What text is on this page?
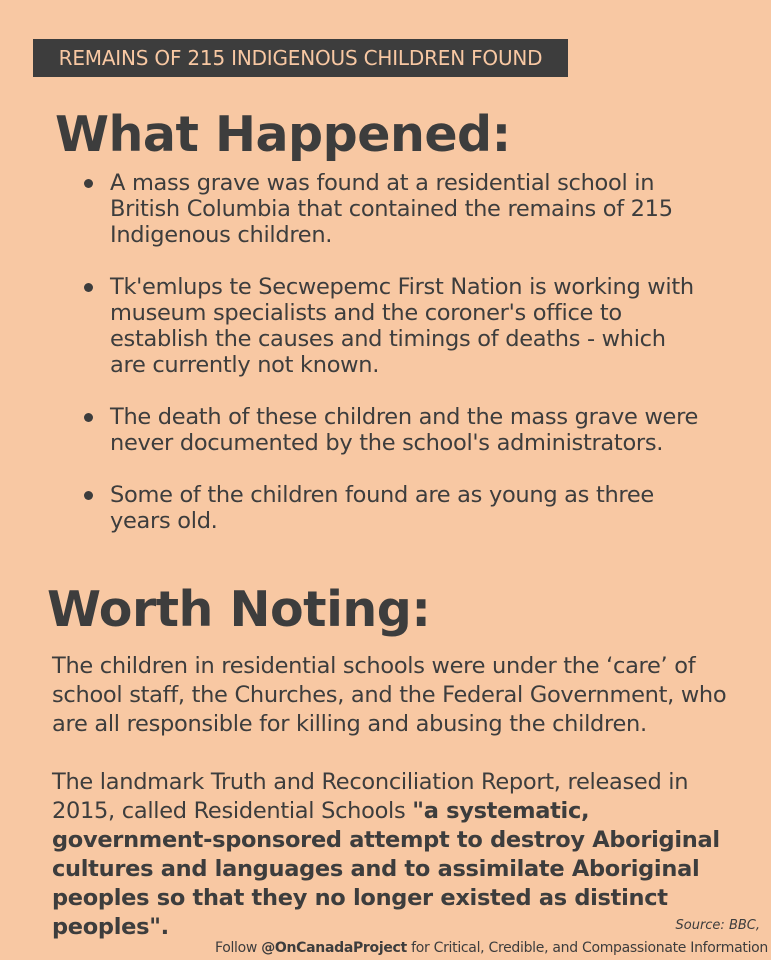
REMAINS OF 215 INDIGENOUS CHILDREN FOUND
What Happened:
A mass grave was found at a residential school in British Columbia that contained the remains of 215 Indigenous children.
Tk'emlups te Secwepemc First Nation is working with museum specialists and the coroner's office to establish the causes and timings of deaths - which are currently not known.
The death of these children and the mass grave were never documented by the school's administrators.
Some of the children found are as young as three years old.
Worth Noting:

The children in residential schools were under the ‘care’ of school staff, the Churches, and the Federal Government, who are all responsible for killing and abusing the children.

The landmark Truth and Reconciliation Report, released in 2015, called Residential Schools "a systematic, government-sponsored attempt to destroy Aboriginal cultures and languages and to assimilate Aboriginal peoples so that they no longer existed as distinct peoples".	Source: BBC,
Follow @OnCanadaProject for Critical, Credible, and Compassionate Information
